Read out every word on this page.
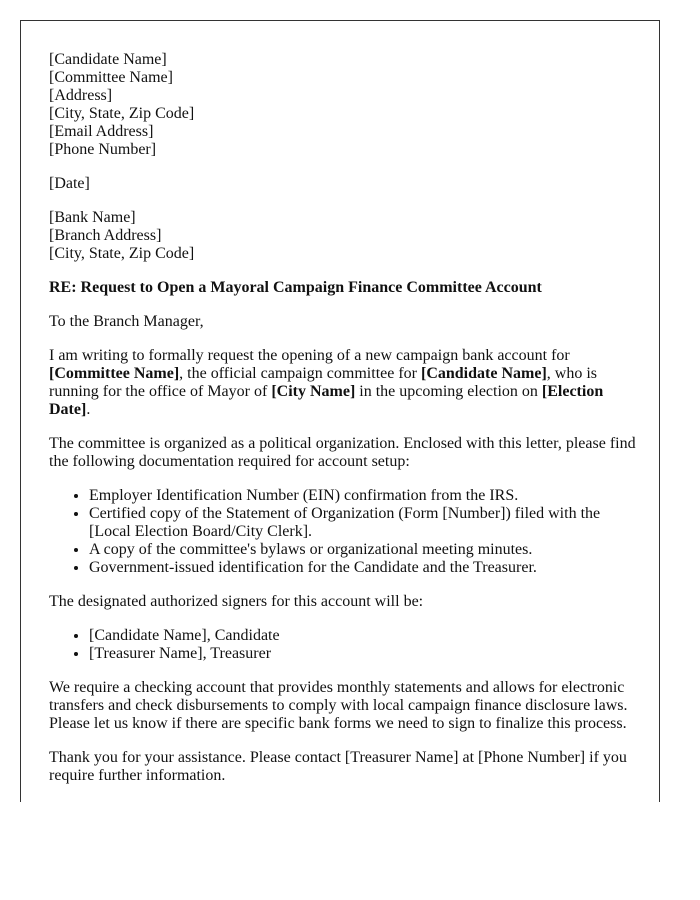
[Candidate Name]
[Committee Name]
[Address]
[City, State, Zip Code]
[Email Address]
[Phone Number]
[Date]
[Bank Name]
[Branch Address]
[City, State, Zip Code]

RE: Request to Open a Mayoral Campaign Finance Committee Account

To the Branch Manager,

I am writing to formally request the opening of a new campaign bank account for [Committee Name], the official campaign committee for [Candidate Name], who is running for the office of Mayor of [City Name] in the upcoming election on [Election Date].

The committee is organized as a political organization. Enclosed with this letter, please find the following documentation required for account setup:

• Employer Identification Number (EIN) confirmation from the IRS.
• Certified copy of the Statement of Organization (Form [Number]) filed with the [Local Election Board/City Clerk].
• A copy of the committee's bylaws or organizational meeting minutes.
• Government-issued identification for the Candidate and the Treasurer.

The designated authorized signers for this account will be:

• [Candidate Name], Candidate
• [Treasurer Name], Treasurer

We require a checking account that provides monthly statements and allows for electronic transfers and check disbursements to comply with local campaign finance disclosure laws. Please let us know if there are specific bank forms we need to sign to finalize this process.

Thank you for your assistance. Please contact [Treasurer Name] at [Phone Number] if you require further information.
